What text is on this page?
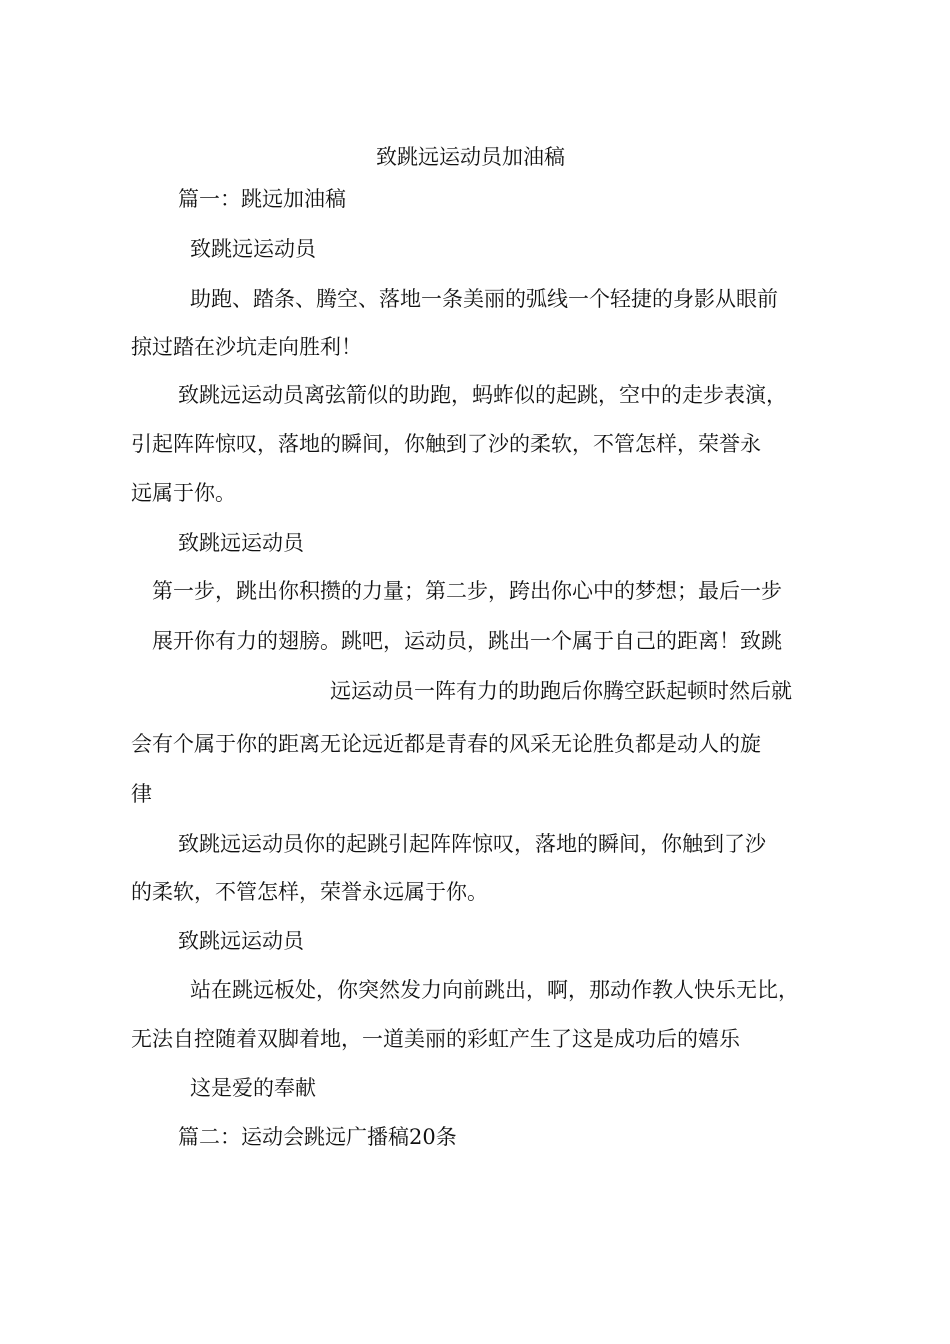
致跳远运动员加油稿
篇一：跳远加油稿
致跳远运动员
助跑、踏条、腾空、落地一条美丽的弧线一个轻捷的身影从眼前
掠过踏在沙坑走向胜利！
致跳远运动员离弦箭似的助跑，蚂蚱似的起跳，空中的走步表演，
引起阵阵惊叹，落地的瞬间，你触到了沙的柔软，不管怎样，荣誉永
远属于你。
致跳远运动员
第一步，跳出你积攒的力量；第二步，跨出你心中的梦想；最后一步
展开你有力的翅膀。跳吧，运动员，跳出一个属于自己的距离！致跳
远运动员一阵有力的助跑后你腾空跃起顿时然后就
会有个属于你的距离无论远近都是青春的风采无论胜负都是动人的旋
律
致跳远运动员你的起跳引起阵阵惊叹，落地的瞬间，你触到了沙
的柔软，不管怎样，荣誉永远属于你。
致跳远运动员
站在跳远板处，你突然发力向前跳出，啊，那动作教人快乐无比，
无法自控随着双脚着地，一道美丽的彩虹产生了这是成功后的嬉乐
这是爱的奉献
篇二：运动会跳远广播稿20条
